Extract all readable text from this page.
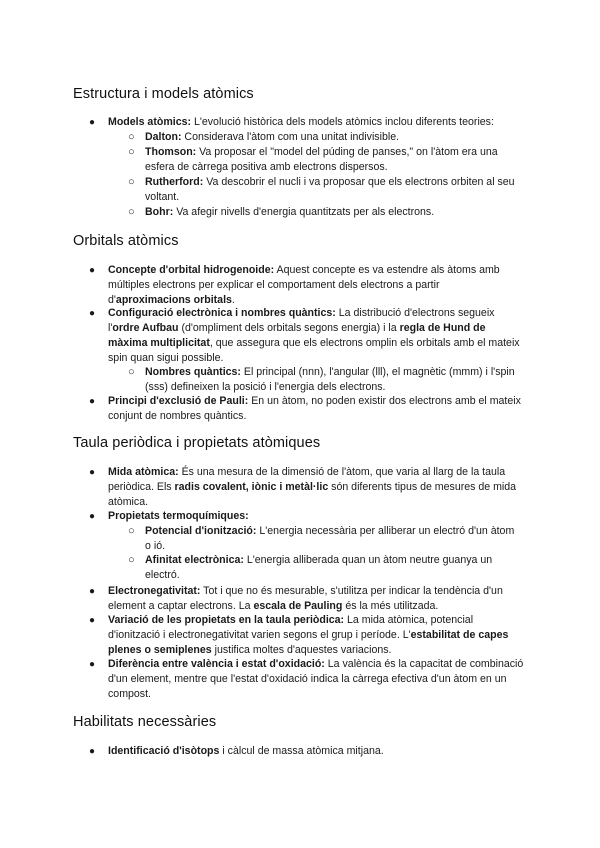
Estructura i models atòmics
● Models atòmics: L'evolució històrica dels models atòmics inclou diferents teories:
○ Dalton: Considerava l'àtom com una unitat indivisible.
○ Thomson: Va proposar el "model del púding de panses," on l'àtom era una esfera de càrrega positiva amb electrons dispersos.
○ Rutherford: Va descobrir el nucli i va proposar que els electrons orbiten al seu voltant.
○ Bohr: Va afegir nivells d'energia quantitzats per als electrons.
Orbitals atòmics
● Concepte d'orbital hidrogenoide: Aquest concepte es va estendre als àtoms amb múltiples electrons per explicar el comportament dels electrons a partir d'aproximacions orbitals.
● Configuració electrònica i nombres quàntics: La distribució d'electrons segueix l'ordre Aufbau (d'ompliment dels orbitals segons energia) i la regla de Hund de màxima multiplicitat, que assegura que els electrons omplin els orbitals amb el mateix spin quan sigui possible.
○ Nombres quàntics: El principal (nnn), l'angular (lll), el magnètic (mmm) i l'spin (sss) defineixen la posició i l'energia dels electrons.
● Principi d'exclusió de Pauli: En un àtom, no poden existir dos electrons amb el mateix conjunt de nombres quàntics.
Taula periòdica i propietats atòmiques
● Mida atòmica: És una mesura de la dimensió de l'àtom, que varia al llarg de la taula periòdica. Els radis covalent, iònic i metàl·lic són diferents tipus de mesures de mida atòmica.
● Propietats termoquímiques:
○ Potencial d'ionització: L'energia necessària per alliberar un electró d'un àtom o ió.
○ Afinitat electrònica: L'energia alliberada quan un àtom neutre guanya un electró.
● Electronegativitat: Tot i que no és mesurable, s'utilitza per indicar la tendència d'un element a captar electrons. La escala de Pauling és la més utilitzada.
● Variació de les propietats en la taula periòdica: La mida atòmica, potencial d'ionització i electronegativitat varien segons el grup i període. L'estabilitat de capes plenes o semiplenes justifica moltes d'aquestes variacions.
● Diferència entre valència i estat d'oxidació: La valència és la capacitat de combinació d'un element, mentre que l'estat d'oxidació indica la càrrega efectiva d'un àtom en un compost.
Habilitats necessàries
● Identificació d'isòtops i càlcul de massa atòmica mitjana.
